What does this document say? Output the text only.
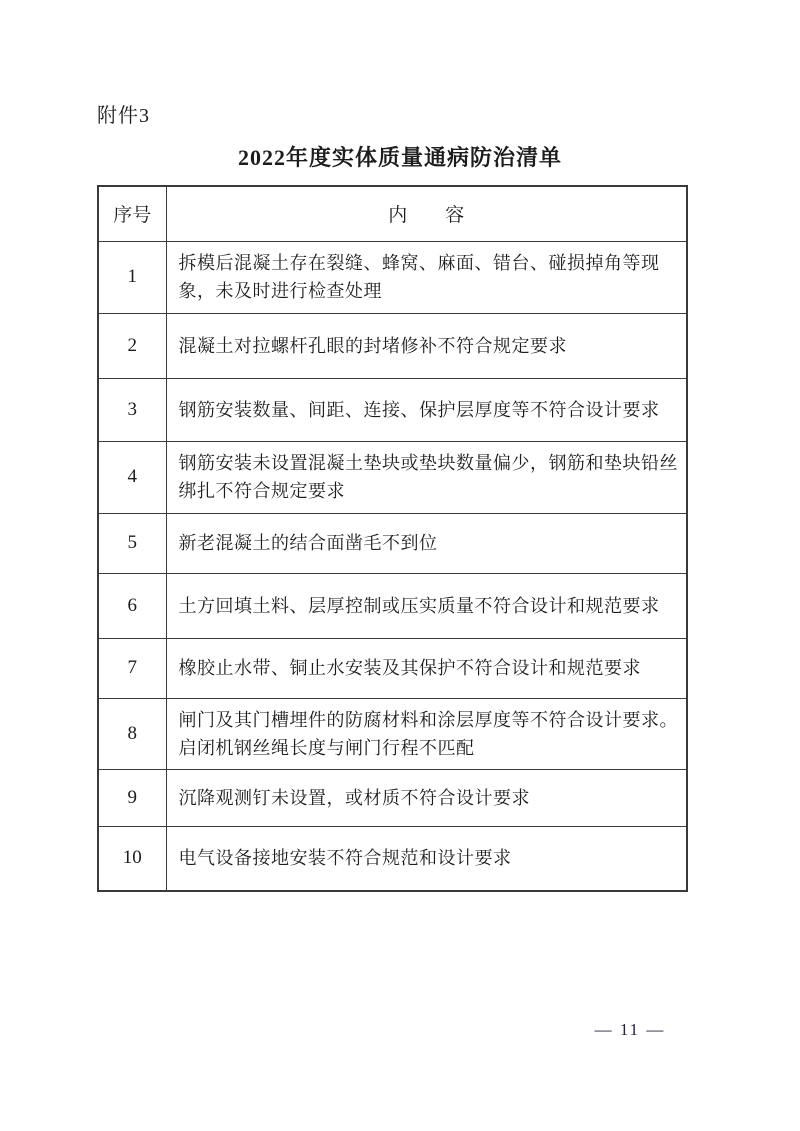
附件3
2022年度实体质量通病防治清单
序号	内　　容
1	拆模后混凝土存在裂缝、蜂窝、麻面、错台、碰损掉角等现象，未及时进行检查处理
2	混凝土对拉螺杆孔眼的封堵修补不符合规定要求
3	钢筋安装数量、间距、连接、保护层厚度等不符合设计要求
4	钢筋安装未设置混凝土垫块或垫块数量偏少，钢筋和垫块铅丝绑扎不符合规定要求
5	新老混凝土的结合面凿毛不到位
6	土方回填土料、层厚控制或压实质量不符合设计和规范要求
7	橡胶止水带、铜止水安装及其保护不符合设计和规范要求
8	闸门及其门槽埋件的防腐材料和涂层厚度等不符合设计要求。启闭机钢丝绳长度与闸门行程不匹配
9	沉降观测钉未设置，或材质不符合设计要求
10	电气设备接地安装不符合规范和设计要求
— 11 —
